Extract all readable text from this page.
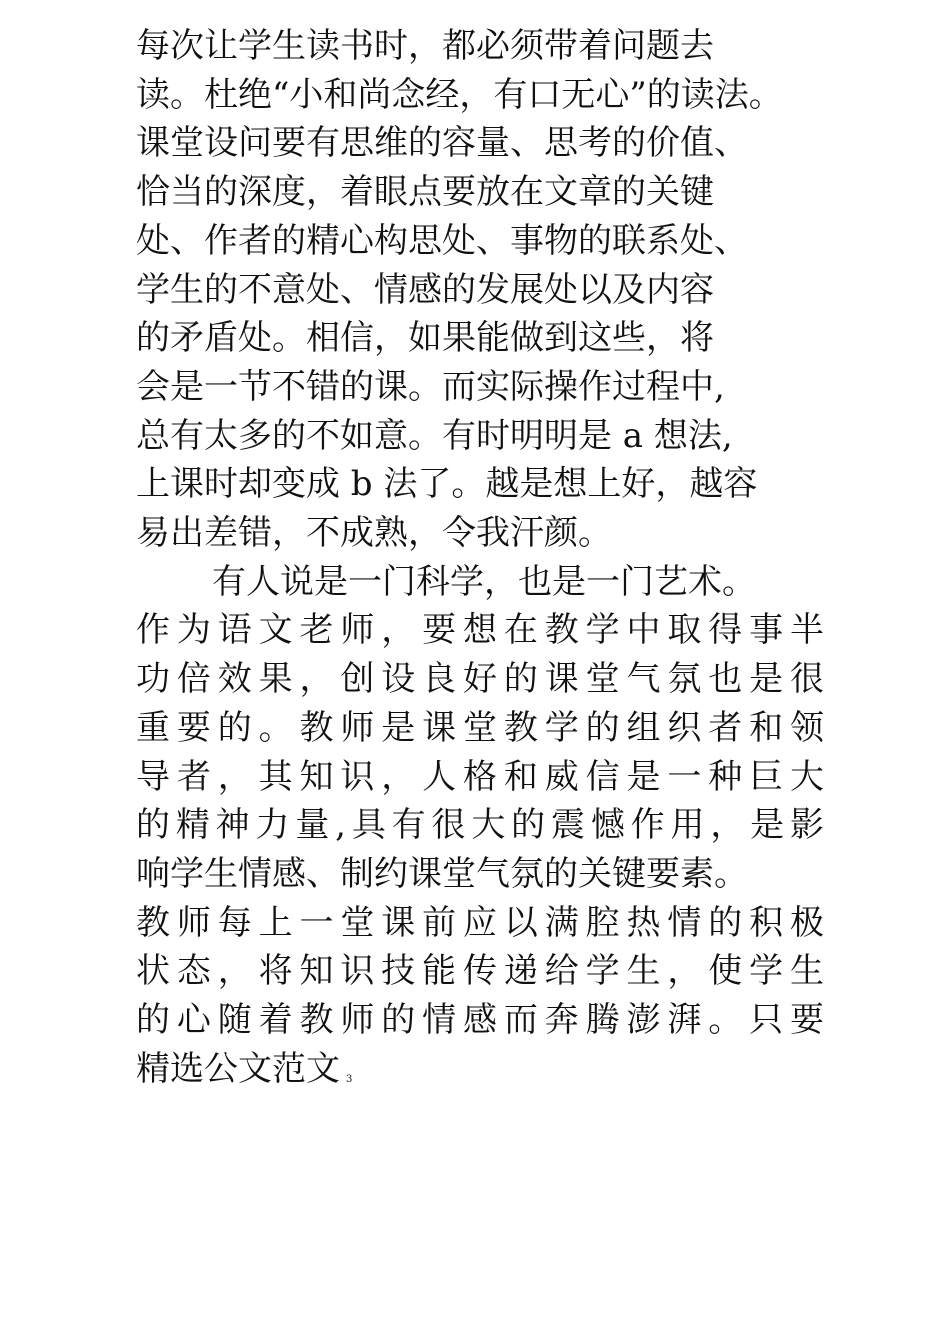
每次让学生读书时，都必须带着问题去
读。杜绝“小和尚念经，有口无心”的读法。
课堂设问要有思维的容量、思考的价值、
恰当的深度，着眼点要放在文章的关键
处、作者的精心构思处、事物的联系处、
学生的不意处、情感的发展处以及内容
的矛盾处。相信，如果能做到这些，将
会是一节不错的课。而实际操作过程中,
总有太多的不如意。有时明明是 a 想法,
上课时却变成 b 法了。越是想上好，越容
易出差错，不成熟，令我汗颜。
有人说是一门科学，也是一门艺术。
作为语文老师，要想在教学中取得事半
功倍效果，创设良好的课堂气氛也是很
重要的。教师是课堂教学的组织者和领
导者，其知识，人格和威信是一种巨大
的精神力量,具有很大的震憾作用，是影
响学生情感、制约课堂气氛的关键要素。
教师每上一堂课前应以满腔热情的积极
状态，将知识技能传递给学生，使学生
的心随着教师的情感而奔腾澎湃。只要
精选公文范文 3
